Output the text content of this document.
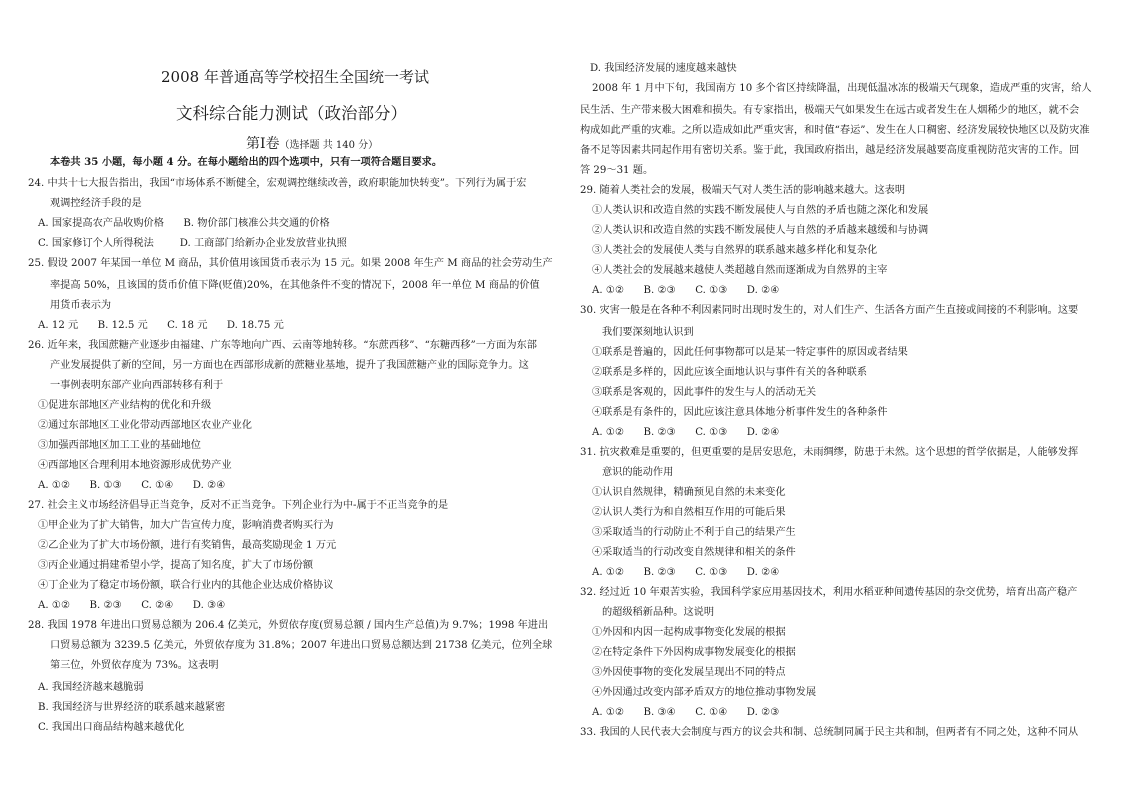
2008 年普通高等学校招生全国统一考试
文科综合能力测试（政治部分）
第Ⅰ卷（选择题 共 140 分）
本卷共 35 小题，每小题 4 分。在每小题给出的四个选项中，只有一项符合题目要求。
24. 中共十七大报告指出，我国“市场体系不断健全，宏观调控继续改善，政府职能加快转变”。下列行为属于宏
观调控经济手段的是
A. 国家提高农产品收购价格      B. 物价部门核准公共交通的价格
C. 国家修订个人所得税法        D. 工商部门给新办企业发放营业执照
25. 假设 2007 年某国一单位 M 商品，其价值用该国货币表示为 15 元。如果 2008 年生产 M 商品的社会劳动生产
率提高 50%，且该国的货币价值下降(贬值)20%，在其他条件不变的情况下，2008 年一单位 M 商品的价值
用货币表示为
A. 12 元      B. 12.5 元      C. 18 元      D. 18.75 元
26. 近年来，我国蔗糖产业逐步由福建、广东等地向广西、云南等地转移。“东蔗西移”、“东糖西移”一方面为东部
产业发展提供了新的空间，另一方面也在西部形成新的蔗糖业基地，提升了我国蔗糖产业的国际竞争力。这
一事例表明东部产业向西部转移有利于
①促进东部地区产业结构的优化和升级
②通过东部地区工业化带动西部地区农业产业化
③加强西部地区加工工业的基础地位
④西部地区合理利用本地资源形成优势产业
A. ①②      B. ①③      C. ①④      D. ②④
27. 社会主义市场经济倡导正当竞争，反对不正当竞争。下列企业行为中-属于不正当竞争的是
①甲企业为了扩大销售，加大广告宣传力度，影响消费者购买行为
②乙企业为了扩大市场份额，进行有奖销售，最高奖励现金 1 万元
③丙企业通过捐建希望小学，提高了知名度，扩大了市场份额
④丁企业为了稳定市场份额，联合行业内的其他企业达成价格协议
A. ①②      B. ②③      C. ②④      D. ③④
28. 我国 1978 年进出口贸易总额为 206.4 亿美元，外贸依存度(贸易总额 / 国内生产总值)为 9.7%；1998 年进出
口贸易总额为 3239.5 亿美元，外贸依存度为 31.8%；2007 年进出口贸易总额达到 21738 亿美元，位列全球
第三位，外贸依存度为 73%。这表明
A. 我国经济越来越脆弱
B. 我国经济与世界经济的联系越来越紧密
C. 我国出口商品结构越来越优化
D. 我国经济发展的速度越来越快
2008 年 1 月中下旬，我国南方 10 多个省区持续降温，出现低温冰冻的极端天气现象，造成严重的灾害，给人
民生活、生产带来极大困难和损失。有专家指出，极端天气如果发生在远古或者发生在人烟稀少的地区，就不会
构成如此严重的灾难。之所以造成如此严重灾害，和时值“春运”、发生在人口稠密、经济发展较快地区以及防灾准
备不足等因素共同起作用有密切关系。鉴于此，我国政府指出，越是经济发展越要高度重视防范灾害的工作。回
答 29～31 题。
29. 随着人类社会的发展，极端天气对人类生活的影响越来越大。这表明
①人类认识和改造自然的实践不断发展使人与自然的矛盾也随之深化和发展
②人类认识和改造自然的实践不断发展使人与自然的矛盾越来越缓和与协调
③人类社会的发展使人类与自然界的联系越来越多样化和复杂化
④人类社会的发展越来越使人类超越自然而逐渐成为自然界的主宰
A. ①②      B. ②③      C. ①③      D. ②④
30. 灾害一般是在各种不利因素同时出现时发生的，对人们生产、生活各方面产生直接或间接的不利影响。这要
我们要深刻地认识到
①联系是普遍的，因此任何事物都可以是某一特定事件的原因或者结果
②联系是多样的，因此应该全面地认识与事件有关的各种联系
③联系是客观的，因此事件的发生与人的活动无关
④联系是有条件的，因此应该注意具体地分析事件发生的各种条件
A. ①②      B. ②③      C. ①③      D. ②④
31. 抗灾救难是重要的，但更重要的是居安思危，未雨绸缪，防患于未然。这个思想的哲学依据是，人能够发挥
意识的能动作用
①认识自然规律，精确预见自然的未来变化
②认识人类行为和自然相互作用的可能后果
③采取适当的行动防止不利于自己的结果产生
④采取适当的行动改变自然规律和相关的条件
A. ①②      B. ②③      C. ①③      D. ②④
32. 经过近 10 年艰苦实验，我国科学家应用基因技术，利用水稻亚种间遗传基因的杂交优势，培育出高产稳产
的超级稻新品种。这说明
①外因和内因一起构成事物变化发展的根据
②在特定条件下外因构成事物发展变化的根据
③外因使事物的变化发展呈现出不同的特点
④外因通过改变内部矛盾双方的地位推动事物发展
A. ①②      B. ③④      C. ①④      D. ②③
33. 我国的人民代表大会制度与西方的议会共和制、总统制同属于民主共和制，但两者有不同之处，这种不同从
